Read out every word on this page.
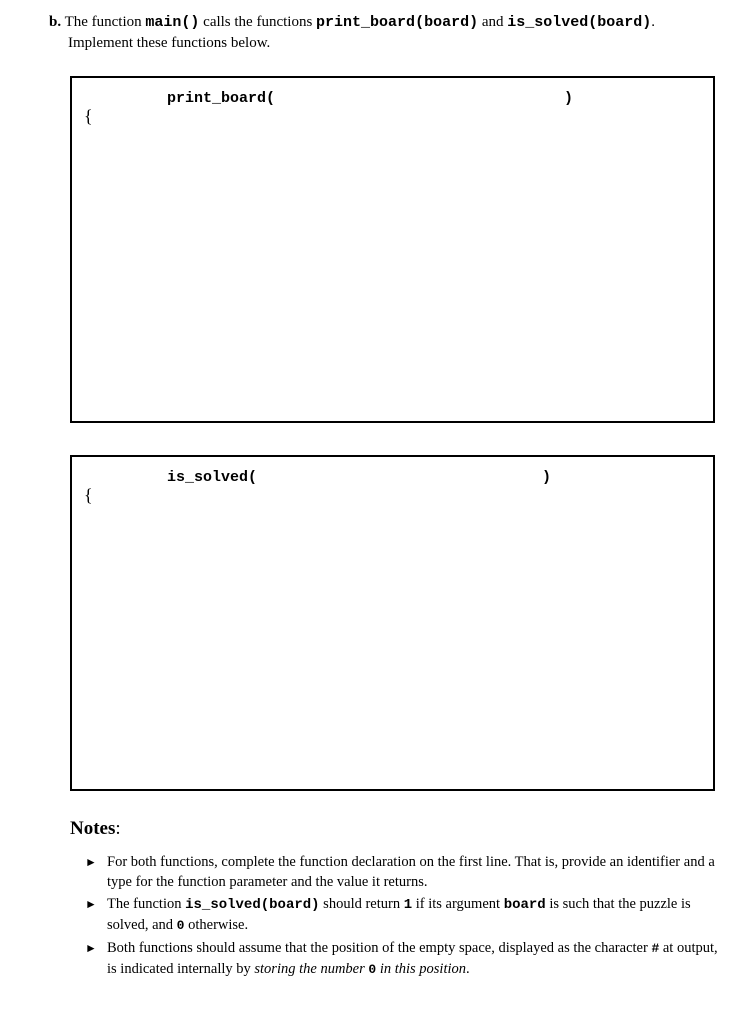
b. The function main() calls the functions print_board(board) and is_solved(board).
Implement these functions below.
print_board(	)
{
is_solved(	)
{
Notes:
► For both functions, complete the function declaration on the first line. That is, provide an identifier and a type for the function parameter and the value it returns.
► The function is_solved(board) should return 1 if its argument board is such that the puzzle is solved, and 0 otherwise.
► Both functions should assume that the position of the empty space, displayed as the character # at output, is indicated internally by storing the number 0 in this position.
